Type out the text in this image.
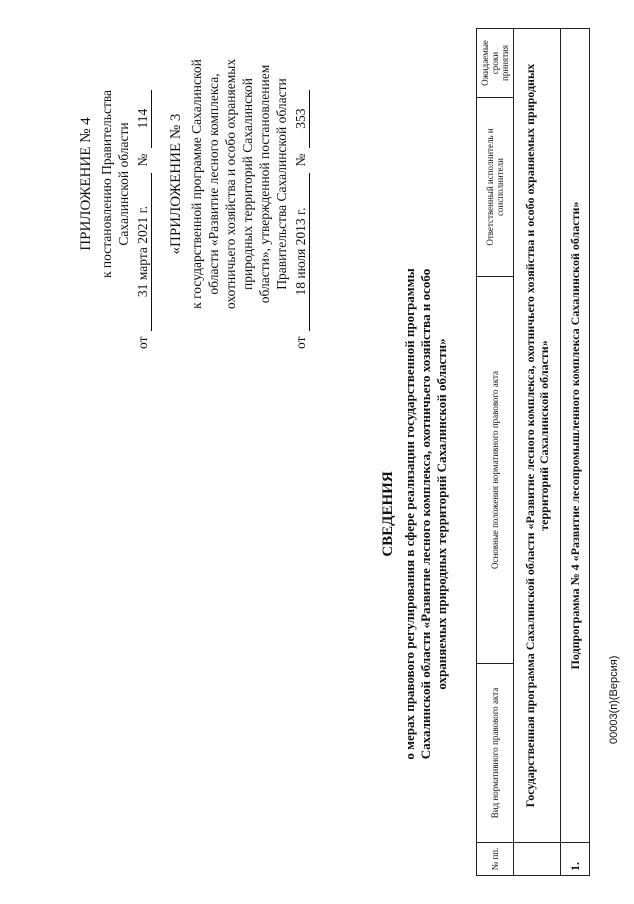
ПРИЛОЖЕНИЕ № 4 к постановлению Правительства Сахалинской области
от
31 марта 2021 г.
№
114 «ПРИЛОЖЕНИЕ № 3 к государственной программе Сахалинской области «Развитие лесного комплекса, охотничьего хозяйства и особо охраняемых природных территорий Сахалинской области», утвержденной постановлением Правительства Сахалинской области
от
18 июля 2013 г.
№
353
СВЕДЕНИЯ о мерах правового регулирования в сфере реализации государственной программы Сахалинской области «Развитие лесного комплекса, охотничьего хозяйства и особо охраняемых природных территорий Сахалинской области»
№ пп.	Вид нормативного правового акта	Основные положения нормативного правового акта	Ответственный исполнитель и соисполнители	Ожидаемые сроки принятия
	Государственная программа Сахалинской области «Развитие лесного комплекса, охотничьего хозяйства и особо охраняемых природных территорий Сахалинской области»			
1.	Подпрограмма № 4 «Развитие лесопромышленного комплекса Сахалинской области»			
00003(п)(Версия)
